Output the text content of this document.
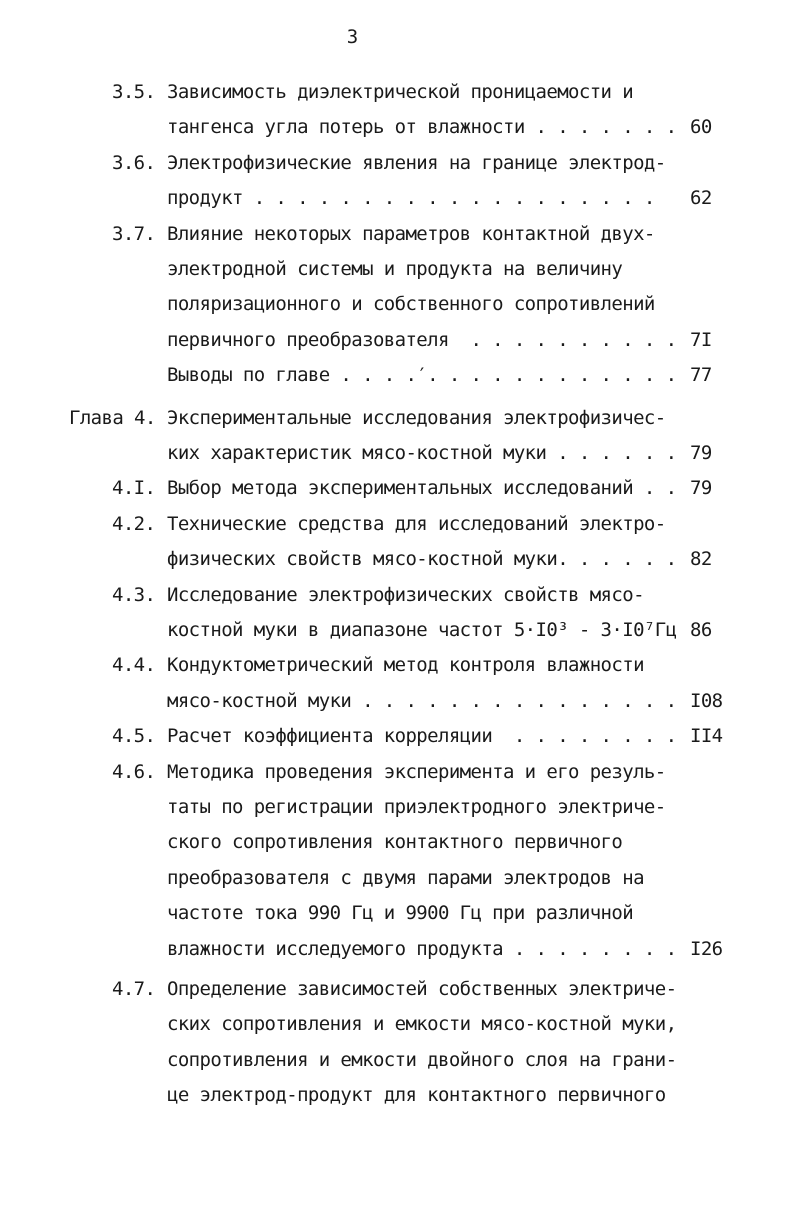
3
3.5. Зависимость диэлектрической проницаемости и
тангенса угла потерь от влажности . . . . . . . 60
3.6. Электрофизические явления на границе электрод-
продукт . . . . . . . . . . . . . . . . . . . 62
3.7. Влияние некоторых параметров контактной двух-
электродной системы и продукта на величину
поляризационного и собственного сопротивлений
первичного преобразователя  . . . . . . . . . . 7I
Выводы по главе . . . .′. . . . . . . . . . . . 77
Глава 4. Экспериментальные исследования электрофизичес-
ких характеристик мясо-костной муки . . . . . . 79
4.I. Выбор метода экспериментальных исследований . . 79
4.2. Технические средства для исследований электро-
физических свойств мясо-костной муки. . . . . . 82
4.3. Исследование электрофизических свойств мясо-
костной муки в диапазоне частот 5·I0³ - 3·I0⁷Гц 86
4.4. Кондуктометрический метод контроля влажности
мясо-костной муки . . . . . . . . . . . . . . . I08
4.5. Расчет коэффициента корреляции  . . . . . . . . II4
4.6. Методика проведения эксперимента и его резуль-
таты по регистрации приэлектродного электриче-
ского сопротивления контактного первичного
преобразователя с двумя парами электродов на
частоте тока 990 Гц и 9900 Гц при различной
влажности исследуемого продукта . . . . . . . . I26
4.7. Определение зависимостей собственных электриче-
ских сопротивления и емкости мясо-костной муки,
сопротивления и емкости двойного слоя на грани-
це электрод-продукт для контактного первичного
